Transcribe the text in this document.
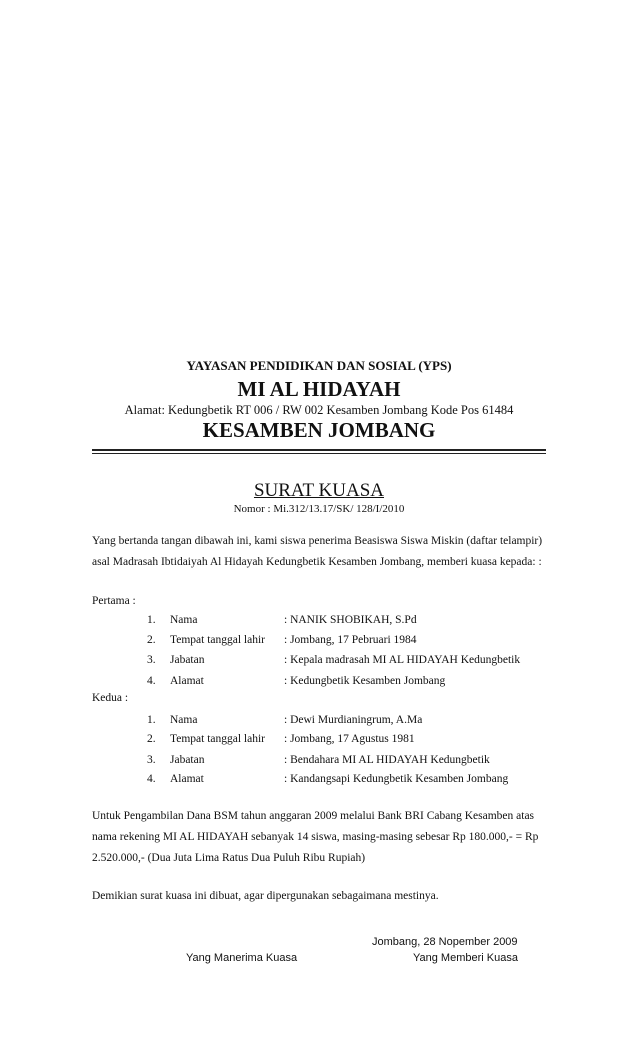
YAYASAN PENDIDIKAN DAN SOSIAL (YPS)
MI AL HIDAYAH
Alamat: Kedungbetik RT 006 / RW 002 Kesamben Jombang Kode Pos 61484
KESAMBEN JOMBANG
SURAT KUASA
Nomor : Mi.312/13.17/SK/ 128/I/2010
Yang bertanda tangan dibawah ini, kami siswa penerima Beasiswa Siswa Miskin (daftar telampir)
asal Madrasah Ibtidaiyah Al Hidayah Kedungbetik Kesamben Jombang, memberi kuasa kepada: :
Pertama :
1. Nama	: NANIK SHOBIKAH, S.Pd
2. Tempat tanggal lahir : Jombang, 17 Pebruari 1984
3. Jabatan	: Kepala madrasah MI AL HIDAYAH Kedungbetik
4. Alamat	: Kedungbetik Kesamben Jombang
Kedua :
1. Nama	: Dewi Murdianingrum, A.Ma
2. Tempat tanggal lahir : Jombang, 17 Agustus 1981
3. Jabatan	: Bendahara MI AL HIDAYAH Kedungbetik
4. Alamat	: Kandangsapi Kedungbetik Kesamben Jombang
Untuk Pengambilan Dana BSM tahun anggaran 2009 melalui Bank BRI Cabang Kesamben atas
nama rekening MI AL HIDAYAH sebanyak 14 siswa, masing-masing sebesar Rp 180.000,- = Rp
2.520.000,- (Dua Juta Lima Ratus Dua Puluh Ribu Rupiah)
Demikian surat kuasa ini dibuat, agar dipergunakan sebagaimana mestinya.
Jombang, 28 Nopember 2009
Yang Manerima Kuasa	Yang Memberi Kuasa
